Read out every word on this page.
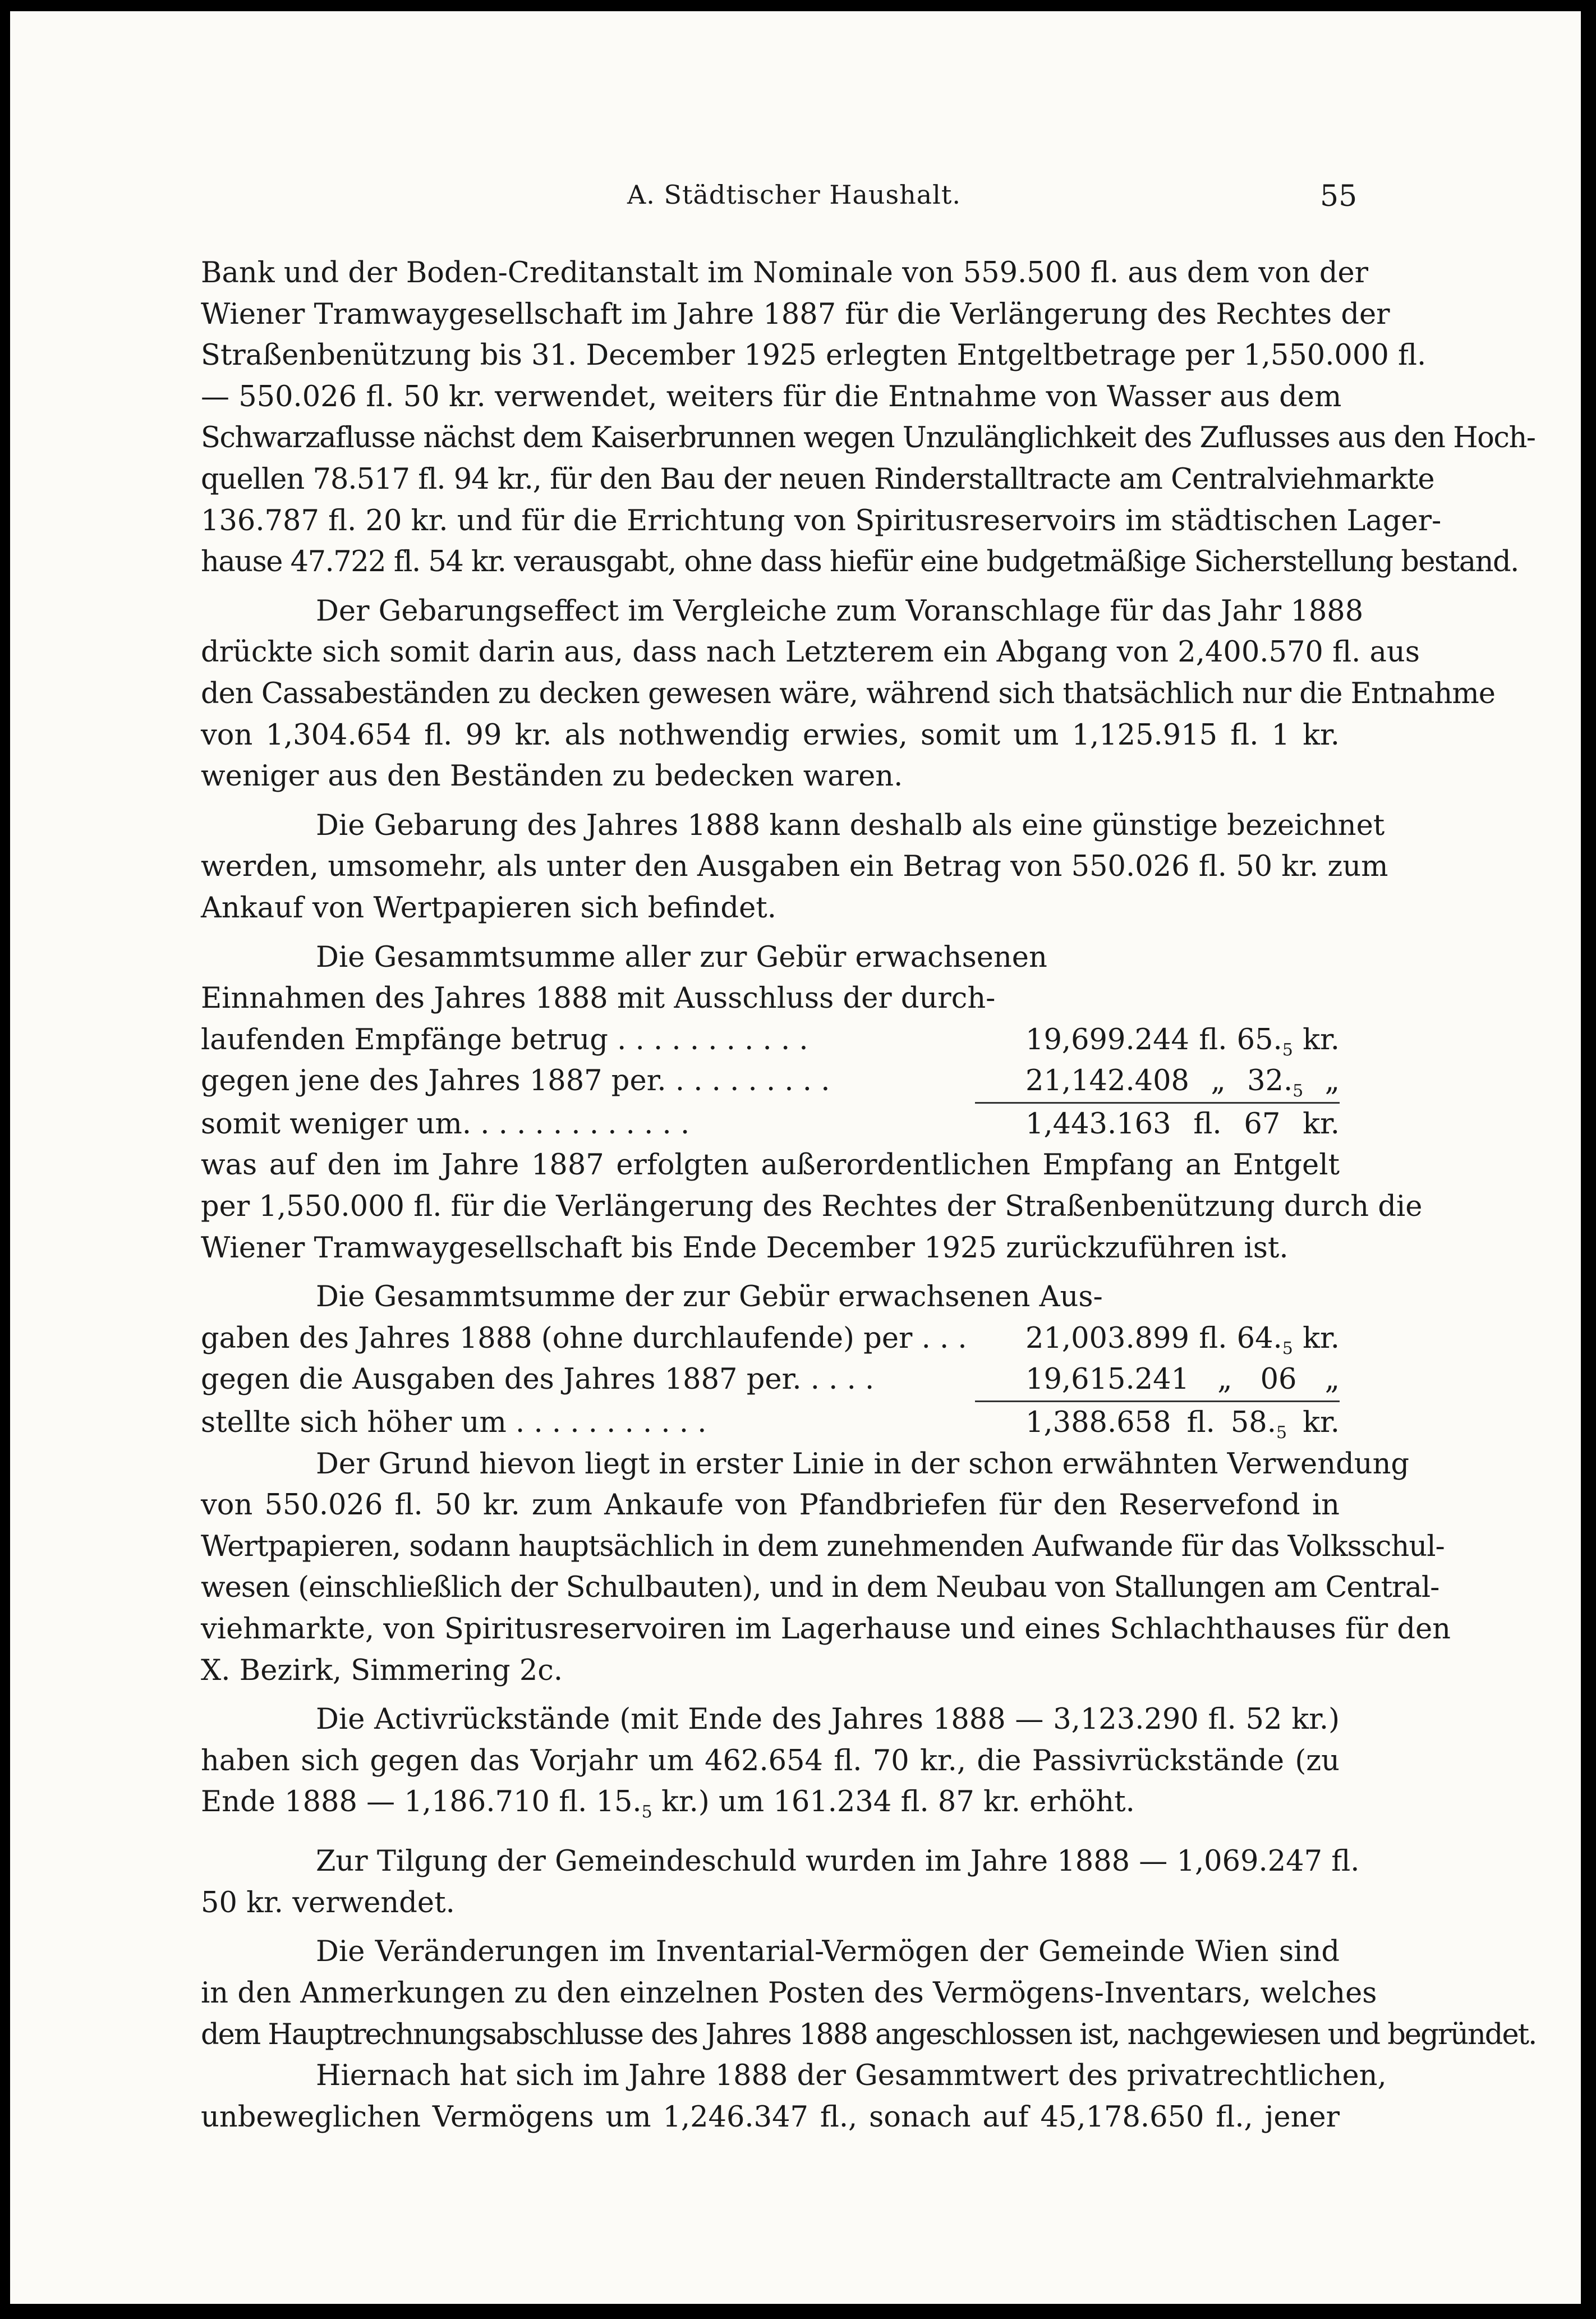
A. Städtischer Haushalt.	55

Bank und der Boden-Creditanstalt im Nominale von 559.500 fl. aus dem von der
Wiener Tramwaygesellschaft im Jahre 1887 für die Verlängerung des Rechtes der
Straßenbenützung bis 31. December 1925 erlegten Entgeltbetrage per 1,550.000 fl.
— 550.026 fl. 50 kr. verwendet, weiters für die Entnahme von Wasser aus dem
Schwarzaflusse nächst dem Kaiserbrunnen wegen Unzulänglichkeit des Zuflusses aus den Hoch-
quellen 78.517 fl. 94 kr., für den Bau der neuen Rinderstalltracte am Centralviehmarkte
136.787 fl. 20 kr. und für die Errichtung von Spiritusreservoirs im städtischen Lager-
hause 47.722 fl. 54 kr. verausgabt, ohne dass hiefür eine budgetmäßige Sicherstellung bestand.

Der Gebarungseffect im Vergleiche zum Voranschlage für das Jahr 1888
drückte sich somit darin aus, dass nach Letzterem ein Abgang von 2,400.570 fl. aus
den Cassabeständen zu decken gewesen wäre, während sich thatsächlich nur die Entnahme
von 1,304.654 fl. 99 kr. als nothwendig erwies, somit um 1,125.915 fl. 1 kr.
weniger aus den Beständen zu bedecken waren.

Die Gebarung des Jahres 1888 kann deshalb als eine günstige bezeichnet
werden, umsomehr, als unter den Ausgaben ein Betrag von 550.026 fl. 50 kr. zum
Ankauf von Wertpapieren sich befindet.

Die Gesammtsumme aller zur Gebür erwachsenen
Einnahmen des Jahres 1888 mit Ausschluss der durch-
laufenden Empfänge betrug . . . . . . . . . . .	19,699.244 fl. $65._5$ kr.
gegen jene des Jahres 1887 per. . . . . . . . . .	21,142.408 „ $32._5$ „
somit weniger um. . . . . . . . . . . . .	1,443.163 fl. 67 kr.

was auf den im Jahre 1887 erfolgten außerordentlichen Empfang an Entgelt
per 1,550.000 fl. für die Verlängerung des Rechtes der Straßenbenützung durch die
Wiener Tramwaygesellschaft bis Ende December 1925 zurückzuführen ist.

Die Gesammtsumme der zur Gebür erwachsenen Aus-
gaben des Jahres 1888 (ohne durchlaufende) per . . .	21,003.899 fl. $64._5$ kr.
gegen die Ausgaben des Jahres 1887 per. . . . .	19,615.241 „ 06 „
stellte sich höher um . . . . . . . . . . .	1,388.658 fl. $58._5$ kr.

Der Grund hievon liegt in erster Linie in der schon erwähnten Verwendung
von 550.026 fl. 50 kr. zum Ankaufe von Pfandbriefen für den Reservefond in
Wertpapieren, sodann hauptsächlich in dem zunehmenden Aufwande für das Volksschul-
wesen (einschließlich der Schulbauten), und in dem Neubau von Stallungen am Central-
viehmarkte, von Spiritusreservoiren im Lagerhause und eines Schlachthauses für den
X. Bezirk, Simmering 2c.

Die Activrückstände (mit Ende des Jahres 1888 — 3,123.290 fl. 52 kr.)
haben sich gegen das Vorjahr um 462.654 fl. 70 kr., die Passivrückstände (zu
Ende 1888 — 1,186.710 fl. $15._5$ kr.) um 161.234 fl. 87 kr. erhöht.

Zur Tilgung der Gemeindeschuld wurden im Jahre 1888 — 1,069.247 fl.
50 kr. verwendet.

Die Veränderungen im Inventarial-Vermögen der Gemeinde Wien sind
in den Anmerkungen zu den einzelnen Posten des Vermögens-Inventars, welches
dem Hauptrechnungsabschlusse des Jahres 1888 angeschlossen ist, nachgewiesen und begründet.

Hiernach hat sich im Jahre 1888 der Gesammtwert des privatrechtlichen,
unbeweglichen Vermögens um 1,246.347 fl., sonach auf 45,178.650 fl., jener
